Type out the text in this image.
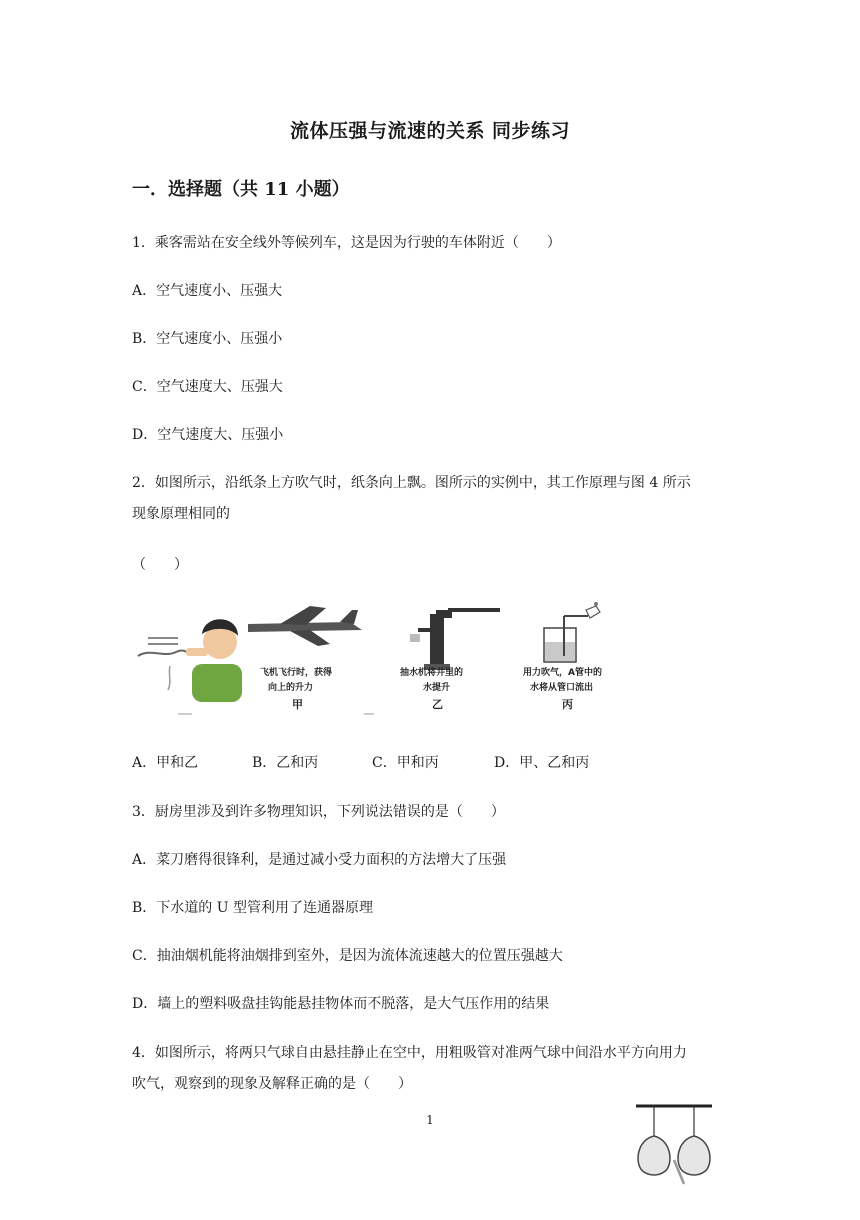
流体压强与流速的关系 同步练习
一．选择题（共 11 小题）
1．乘客需站在安全线外等候列车，这是因为行驶的车体附近（　　）
A．空气速度小、压强大
B．空气速度小、压强小
C．空气速度大、压强大
D．空气速度大、压强小
2．如图所示，沿纸条上方吹气时，纸条向上飘。图所示的实例中，其工作原理与图 4 所示
现象原理相同的
（　　）
飞机飞行时，获得
向上的升力
甲
抽水机将井里的
水提升
乙
用力吹气，A管中的
水将从管口流出
丙
A．甲和乙	B．乙和丙	C．甲和丙	D．甲、乙和丙
3．厨房里涉及到许多物理知识，下列说法错误的是（　　）
A．菜刀磨得很锋利，是通过减小受力面积的方法增大了压强
B．下水道的 U 型管利用了连通器原理
C．抽油烟机能将油烟排到室外，是因为流体流速越大的位置压强越大
D．墙上的塑料吸盘挂钩能悬挂物体而不脱落，是大气压作用的结果
4．如图所示，将两只气球自由悬挂静止在空中，用粗吸管对准两气球中间沿水平方向用力
吹气，观察到的现象及解释正确的是（　　）
1
